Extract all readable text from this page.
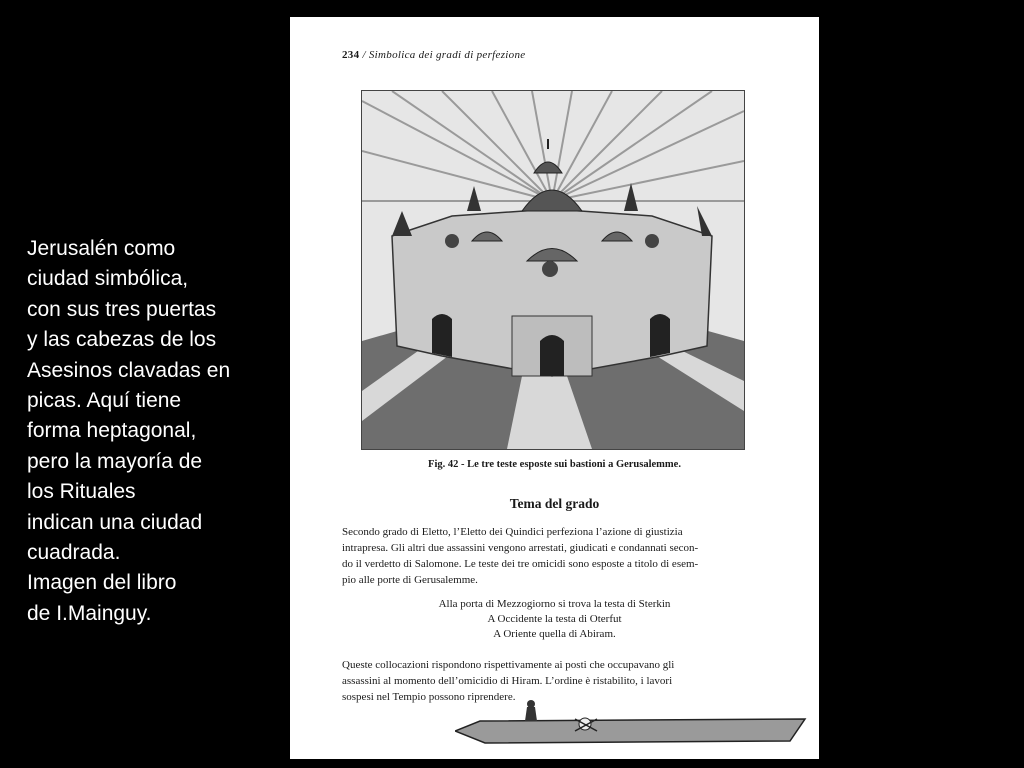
Jerusalén como
ciudad simbólica,
con sus tres puertas
y las cabezas de los
Asesinos clavadas en
picas. Aquí tiene
forma heptagonal,
pero la mayoría de
los Rituales
indican una ciudad
cuadrada.
Imagen del libro
de I.Mainguy.
234 / Simbolica dei gradi di perfezione
Fig. 42 - Le tre teste esposte sui bastioni a Gerusalemme.
Tema del grado
Secondo grado di Eletto, l’Eletto dei Quindici perfeziona l’azione di giustizia
intrapresa. Gli altri due assassini vengono arrestati, giudicati e condannati secon-
do il verdetto di Salomone. Le teste dei tre omicidi sono esposte a titolo di esem-
pio alle porte di Gerusalemme.
Alla porta di Mezzogiorno si trova la testa di Sterkin
A Occidente la testa di Oterfut
A Oriente quella di Abiram.
Queste collocazioni rispondono rispettivamente ai posti che occupavano gli
assassini al momento dell’omicidio di Hiram. L’ordine è ristabilito, i lavori
sospesi nel Tempio possono riprendere.
